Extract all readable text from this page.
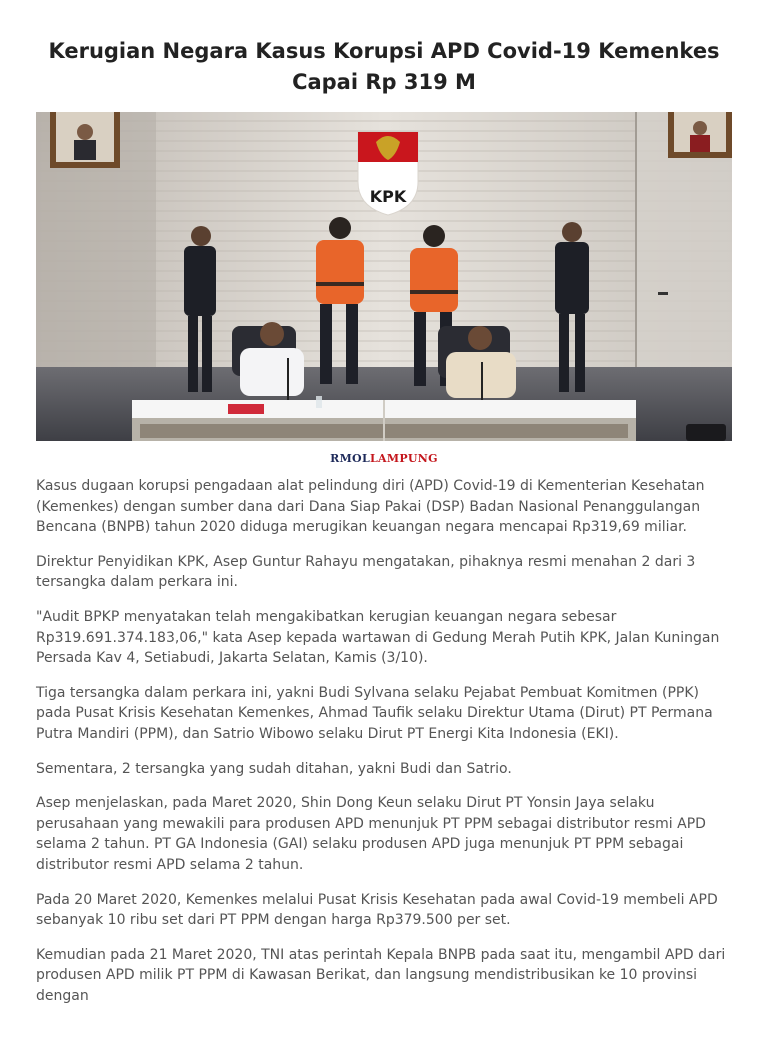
Kerugian Negara Kasus Korupsi APD Covid-19 Kemenkes Capai Rp 319 M
KPK
RMOLLAMPUNG

Kasus dugaan korupsi pengadaan alat pelindung diri (APD) Covid-19 di Kementerian Kesehatan (Kemenkes) dengan sumber dana dari Dana Siap Pakai (DSP) Badan Nasional Penanggulangan Bencana (BNPB) tahun 2020 diduga merugikan keuangan negara mencapai Rp319,69 miliar.

Direktur Penyidikan KPK, Asep Guntur Rahayu mengatakan, pihaknya resmi menahan 2 dari 3 tersangka dalam perkara ini.

"Audit BPKP menyatakan telah mengakibatkan kerugian keuangan negara sebesar Rp319.691.374.183,06," kata Asep kepada wartawan di Gedung Merah Putih KPK, Jalan Kuningan Persada Kav 4, Setiabudi, Jakarta Selatan, Kamis (3/10).

Tiga tersangka dalam perkara ini, yakni Budi Sylvana selaku Pejabat Pembuat Komitmen (PPK) pada Pusat Krisis Kesehatan Kemenkes, Ahmad Taufik selaku Direktur Utama (Dirut) PT Permana Putra Mandiri (PPM), dan Satrio Wibowo selaku Dirut PT Energi Kita Indonesia (EKI).

Sementara, 2 tersangka yang sudah ditahan, yakni Budi dan Satrio.

Asep menjelaskan, pada Maret 2020, Shin Dong Keun selaku Dirut PT Yonsin Jaya selaku perusahaan yang mewakili para produsen APD menunjuk PT PPM sebagai distributor resmi APD selama 2 tahun. PT GA Indonesia (GAI) selaku produsen APD juga menunjuk PT PPM sebagai distributor resmi APD selama 2 tahun.

Pada 20 Maret 2020, Kemenkes melalui Pusat Krisis Kesehatan pada awal Covid-19 membeli APD sebanyak 10 ribu set dari PT PPM dengan harga Rp379.500 per set.

Kemudian pada 21 Maret 2020, TNI atas perintah Kepala BNPB pada saat itu, mengambil APD dari produsen APD milik PT PPM di Kawasan Berikat, dan langsung mendistribusikan ke 10 provinsi dengan
